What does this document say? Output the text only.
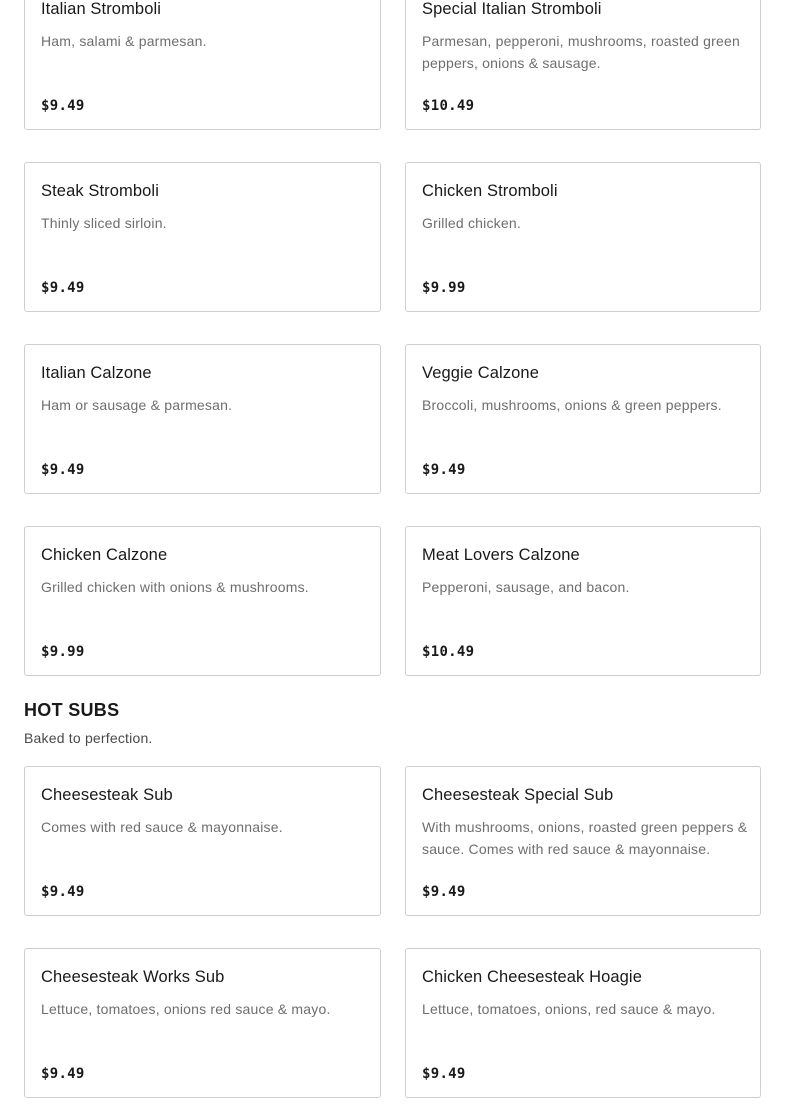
Italian Stromboli
Ham, salami & parmesan.
$9.49
Special Italian Stromboli
Parmesan, pepperoni, mushrooms, roasted green peppers, onions & sausage.
$10.49
Steak Stromboli
Thinly sliced sirloin.
$9.49
Chicken Stromboli
Grilled chicken.
$9.99
Italian Calzone
Ham or sausage & parmesan.
$9.49
Veggie Calzone
Broccoli, mushrooms, onions & green peppers.
$9.49
Chicken Calzone
Grilled chicken with onions & mushrooms.
$9.99
Meat Lovers Calzone
Pepperoni, sausage, and bacon.
$10.49
HOT SUBS
Baked to perfection.
Cheesesteak Sub
Comes with red sauce & mayonnaise.
$9.49
Cheesesteak Special Sub
With mushrooms, onions, roasted green peppers & sauce. Comes with red sauce & mayonnaise.
$9.49
Cheesesteak Works Sub
Lettuce, tomatoes, onions red sauce & mayo.
$9.49
Chicken Cheesesteak Hoagie
Lettuce, tomatoes, onions, red sauce & mayo.
$9.49
